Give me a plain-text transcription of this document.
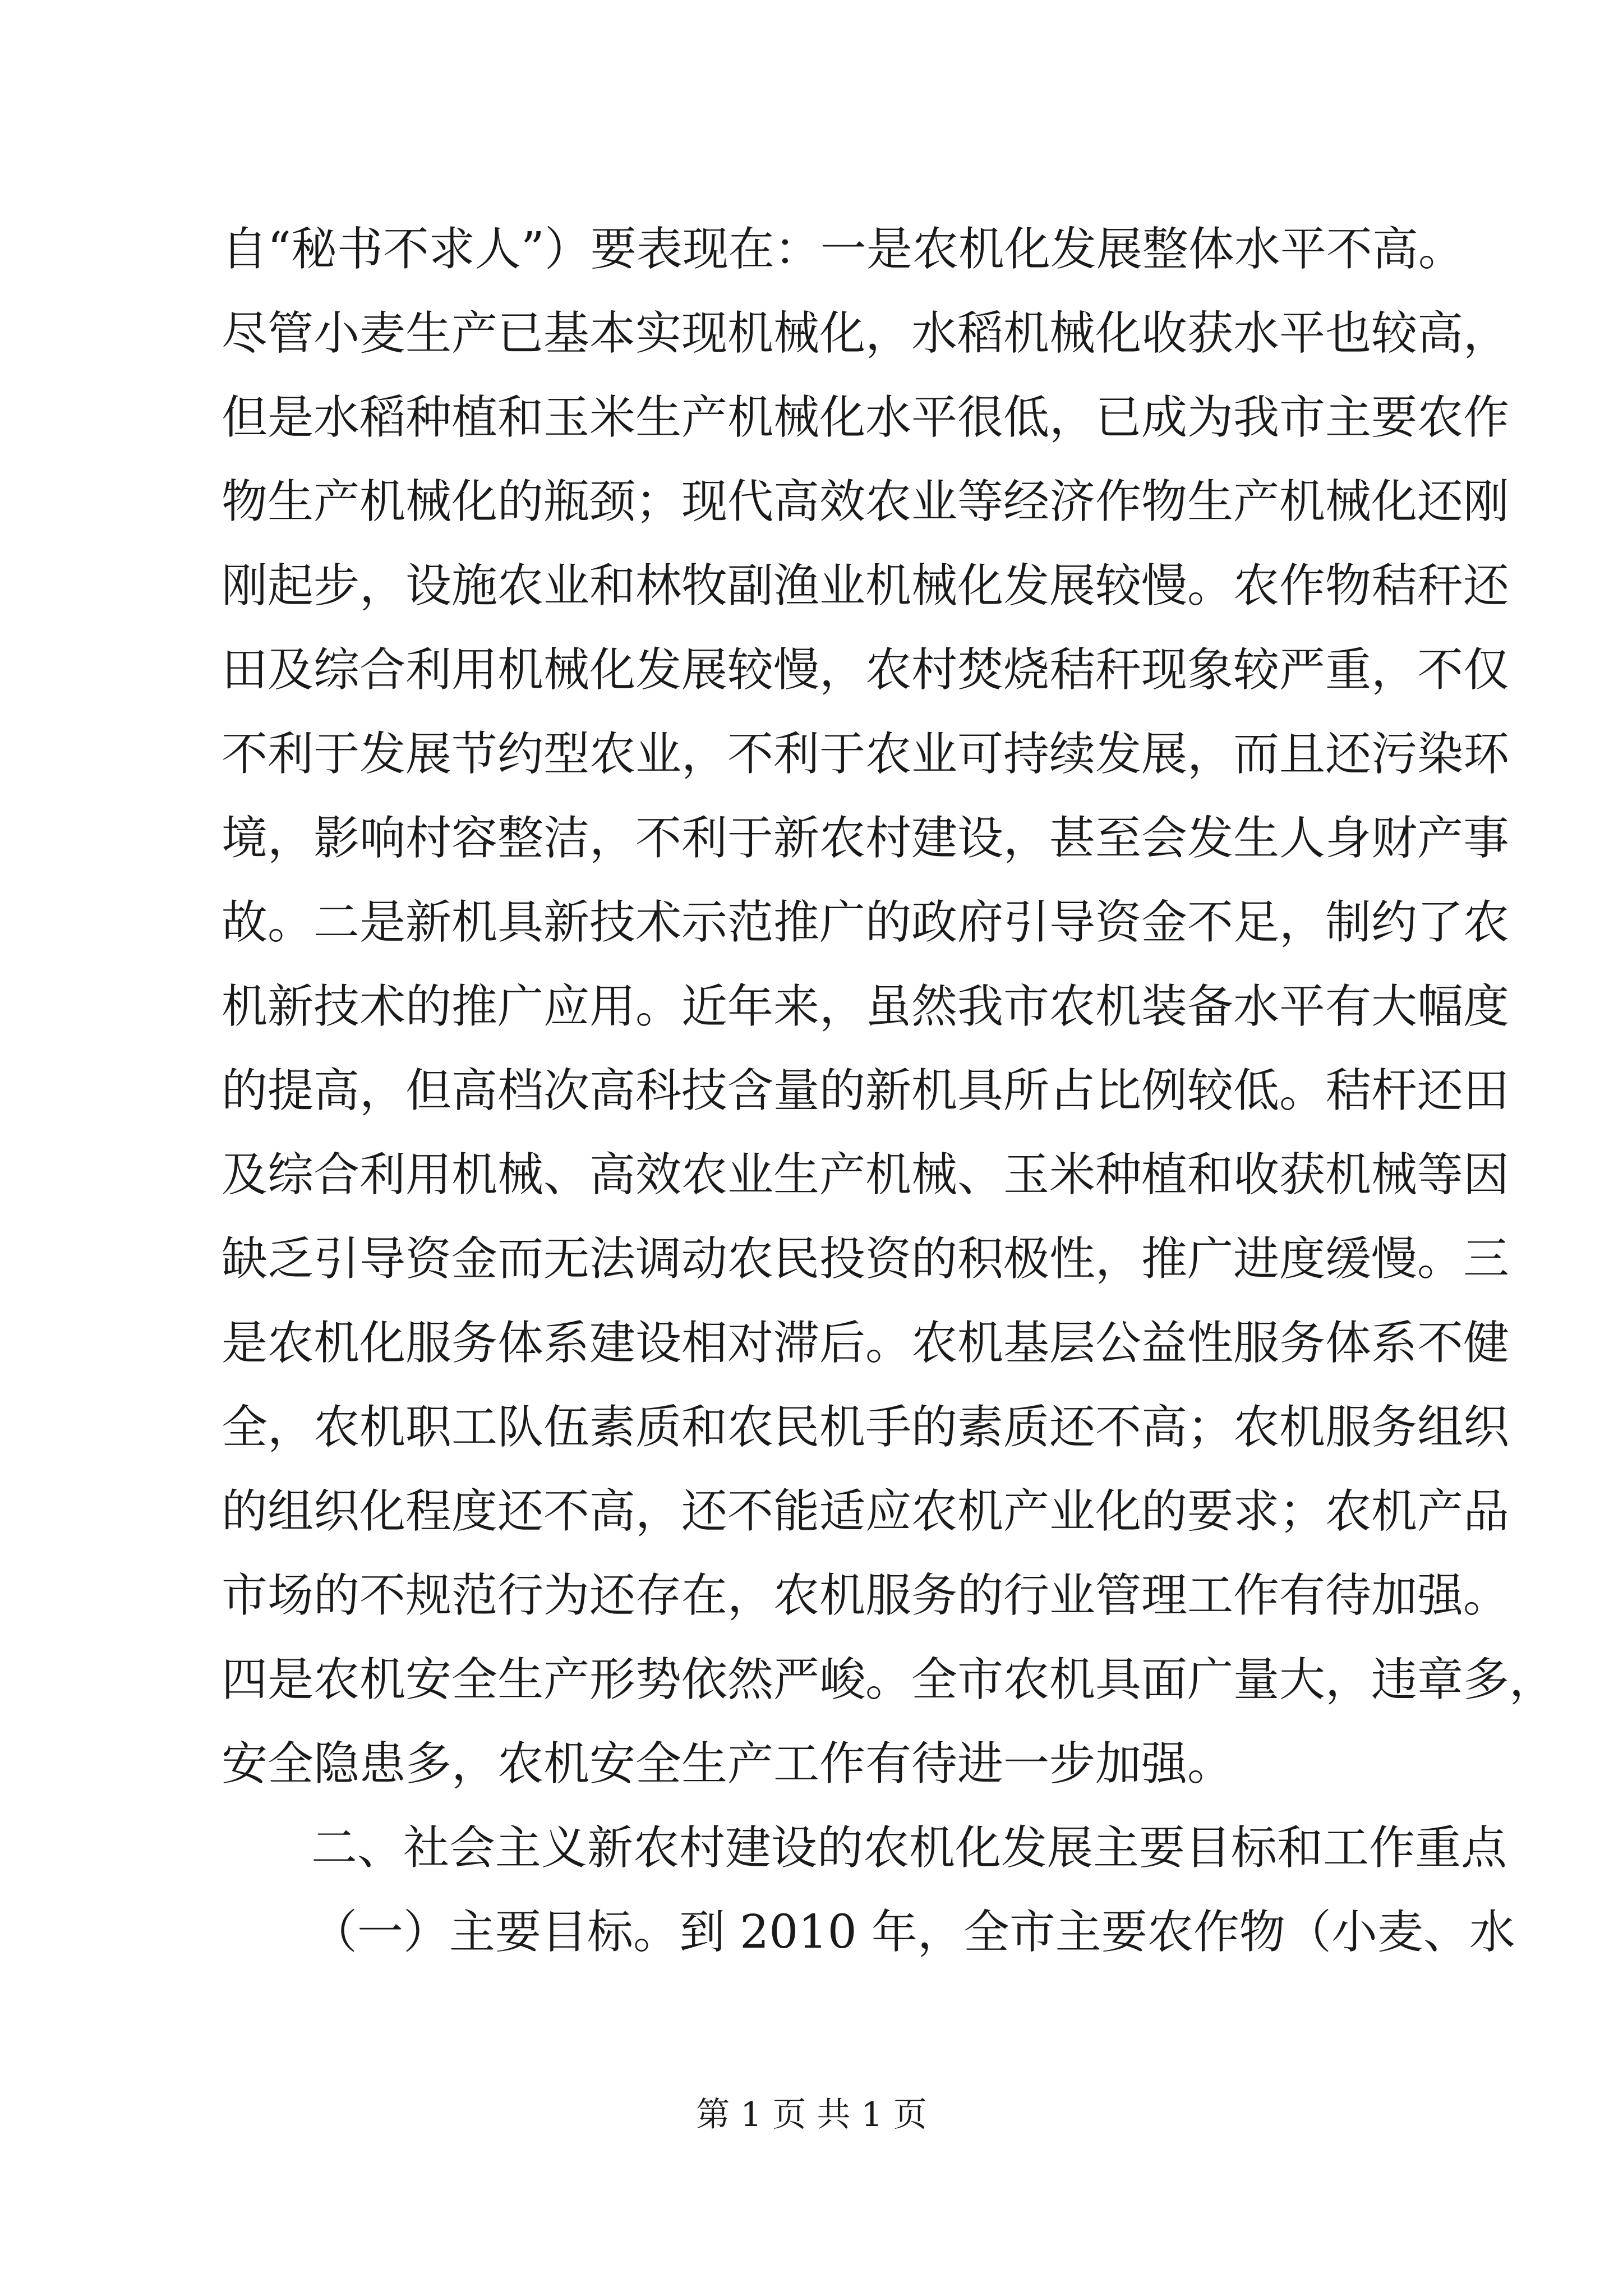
自“秘书不求人”）要表现在：一是农机化发展整体水平不高。
尽管小麦生产已基本实现机械化，水稻机械化收获水平也较高，
但是水稻种植和玉米生产机械化水平很低，已成为我市主要农作
物生产机械化的瓶颈；现代高效农业等经济作物生产机械化还刚
刚起步，设施农业和林牧副渔业机械化发展较慢。农作物秸秆还
田及综合利用机械化发展较慢，农村焚烧秸秆现象较严重，不仅
不利于发展节约型农业，不利于农业可持续发展，而且还污染环
境，影响村容整洁，不利于新农村建设，甚至会发生人身财产事
故。二是新机具新技术示范推广的政府引导资金不足，制约了农
机新技术的推广应用。近年来，虽然我市农机装备水平有大幅度
的提高，但高档次高科技含量的新机具所占比例较低。秸杆还田
及综合利用机械、高效农业生产机械、玉米种植和收获机械等因
缺乏引导资金而无法调动农民投资的积极性，推广进度缓慢。三
是农机化服务体系建设相对滞后。农机基层公益性服务体系不健
全，农机职工队伍素质和农民机手的素质还不高；农机服务组织
的组织化程度还不高，还不能适应农机产业化的要求；农机产品
市场的不规范行为还存在，农机服务的行业管理工作有待加强。
四是农机安全生产形势依然严峻。全市农机具面广量大，违章多，
安全隐患多，农机安全生产工作有待进一步加强。
二、社会主义新农村建设的农机化发展主要目标和工作重点
（一）主要目标。到 2010 年，全市主要农作物（小麦、水
第 1 页 共 1 页
